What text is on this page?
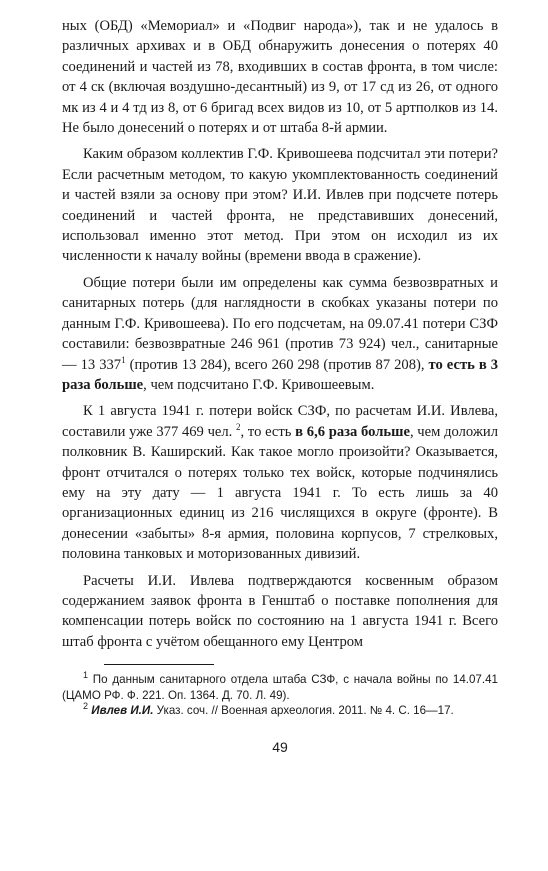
ных (ОБД) «Мемориал» и «Подвиг народа»), так и не удалось в различных архивах и в ОБД обнаружить донесения о потерях 40 соединений и частей из 78, входивших в состав фронта, в том числе: от 4 ск (включая воздушно-десантный) из 9, от 17 сд из 26, от одного мк из 4 и 4 тд из 8, от 6 бригад всех видов из 10, от 5 артполков из 14. Не было донесений о потерях и от штаба 8-й армии.

Каким образом коллектив Г.Ф. Кривошеева подсчитал эти потери? Если расчетным методом, то какую укомплектованность соединений и частей взяли за основу при этом? И.И. Ивлев при подсчете потерь соединений и частей фронта, не представивших донесений, использовал именно этот метод. При этом он исходил из их численности к началу войны (времени ввода в сражение).

Общие потери были им определены как сумма безвозвратных и санитарных потерь (для наглядности в скобках указаны потери по данным Г.Ф. Кривошеева). По его подсчетам, на 09.07.41 потери СЗФ составили: безвозвратные 246 961 (против 73 924) чел., санитарные — 13 $337^1$ (против 13 284), всего 260 298 (против 87 208), то есть в 3 раза больше, чем подсчитано Г.Ф. Кривошеевым.

К 1 августа 1941 г. потери войск СЗФ, по расчетам И.И. Ивлева, составили уже 377 469 чел. $^2$, то есть в 6,6 раза больше, чем доложил полковник В. Каширский. Как такое могло произойти? Оказывается, фронт отчитался о потерях только тех войск, которые подчинялись ему на эту дату — 1 августа 1941 г. То есть лишь за 40 организационных единиц из 216 числящихся в округе (фронте). В донесении «забыты» 8-я армия, половина корпусов, 7 стрелковых, половина танковых и моторизованных дивизий.

Расчеты И.И. Ивлева подтверждаются косвенным образом содержанием заявок фронта в Генштаб о поставке пополнения для компенсации потерь войск по состоянию на 1 августа 1941 г. Всего штаб фронта с учётом обещанного ему Центром

$^1$ По данным санитарного отдела штаба СЗФ, с начала войны по 14.07.41 (ЦАМО РФ. Ф. 221. Оп. 1364. Д. 70. Л. 49).

$^2$ Ивлев И.И. Указ. соч. // Военная археология. 2011. № 4. С. 16—17.

49
